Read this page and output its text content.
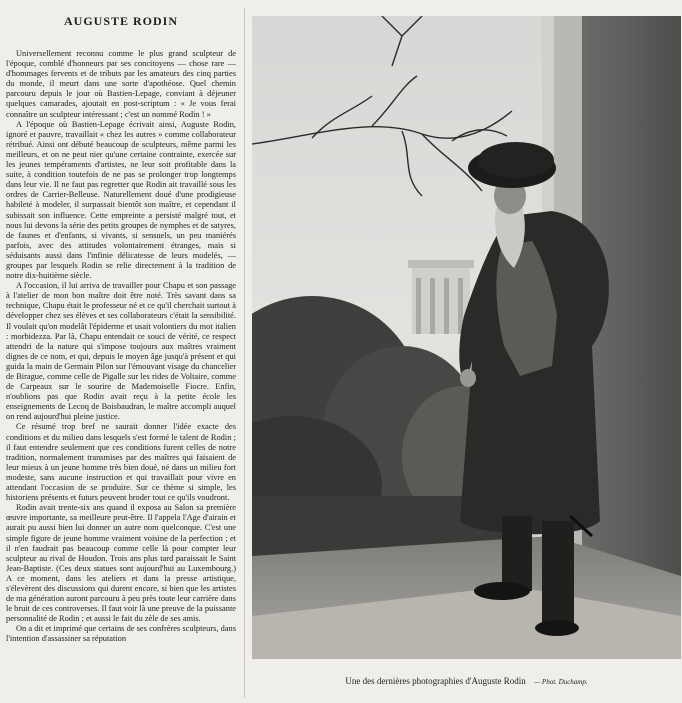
AUGUSTE RODIN

Universellement reconnu comme le plus grand sculpteur de l'époque, comblé d'honneurs par ses concitoyens — chose rare — d'hommages fervents et de tributs par les amateurs des cinq parties du monde, il meurt dans une sorte d'apothéose. Quel chemin parcouru depuis le jour où Bastien-Lepage, conviant à déjeuner quelques camarades, ajoutait en post-scriptum : « Je vous ferai connaître un sculpteur intéressant ; c'est un nommé Rodin ! »

A l'époque où Bastien-Lepage écrivait ainsi, Auguste Rodin, ignoré et pauvre, travaillait « chez les autres » comme collaborateur rétribué. Ainsi ont débuté beaucoup de sculpteurs, même parmi les meilleurs, et on ne peut nier qu'une certaine contrainte, exercée sur les jeunes tempéraments d'artistes, ne leur soit profitable dans la suite, à condition toutefois de ne pas se prolonger trop longtemps dans leur vie. Il ne faut pas regretter que Rodin ait travaillé sous les ordres de Carrier-Belleuse. Naturellement doué d'une prodigieuse habileté à modeler, il surpassait bientôt son maître, et cependant il subissait son influence. Cette empreinte a persisté malgré tout, et nous lui devons la série des petits groupes de nymphes et de satyres, de faunes et d'enfants, si vivants, si sensuels, un peu maniérés parfois, avec des attitudes volontairement étranges, mais si séduisants aussi dans l'infinie délicatesse de leurs modelés, — groupes par lesquels Rodin se relie directement à la tradition de notre dix-huitième siècle.

A l'occasion, il lui arriva de travailler pour Chapu et son passage à l'atelier de mon bon maître doit être noté. Très savant dans sa technique, Chapu était le professeur né et ce qu'il cherchait surtout à développer chez ses élèves et ses collaborateurs c'était la sensibilité. Il voulait qu'on modelât l'épiderme et usait volontiers du mot italien : morbidezza. Par là, Chapu entendait ce souci de vérité, ce respect attendri de la nature qui s'impose toujours aux maîtres vraiment dignes de ce nom, et qui, depuis le moyen âge jusqu'à présent et qui guida la main de Germain Pilon sur l'émouvant visage du chancelier de Birague, comme celle de Pigalle sur les rides de Voltaire, comme de Carpeaux sur le sourire de Mademoiselle Fiocre. Enfin, n'oublions pas que Rodin avait reçu à la petite école les enseignements de Lecoq de Boisbaudran, le maître accompli auquel on rend aujourd'hui pleine justice.

Ce résumé trop bref ne saurait donner l'idée exacte des conditions et du milieu dans lesquels s'est formé le talent de Rodin ; il faut entendre seulement que ces conditions furent celles de notre tradition, normalement transmises par des maîtres qui faisaient de leur mieux à un jeune homme très bien doué, né dans un milieu fort modeste, sans aucune instruction et qui travaillait pour vivre en attendant l'occasion de se produire. Sur ce thème si simple, les historiens présents et futurs peuvent broder tout ce qu'ils voudront.

Rodin avait trente-six ans quand il exposa au Salon sa première œuvre importante, sa meilleure peut-être. Il l'appela l'Age d'airain et aurait pu aussi bien lui donner un autre nom quelconque. C'est une simple figure de jeune homme vraiment voisine de la perfection ; et il n'en faudrait pas beaucoup comme celle là pour compter leur sculpteur au rival de Houdon. Trois ans plus tard paraissait le Saint Jean-Baptiste. (Ces deux statues sont aujourd'hui au Luxembourg.) A ce moment, dans les ateliers et dans la presse artistique, s'élevèrent des discussions qui durent encore, si bien que les artistes de ma génération auront parcouru à peu près toute leur carrière dans le bruit de ces controverses. Il faut voir là une preuve de la puissante personnalité de Rodin ; et aussi le fait du zèle de ses amis.

On a dit et imprimé que certains de ses confrères sculpteurs, dans l'intention d'assassiner sa réputation

Une des dernières photographies d'Auguste Rodin — Phot. Duchamp.
